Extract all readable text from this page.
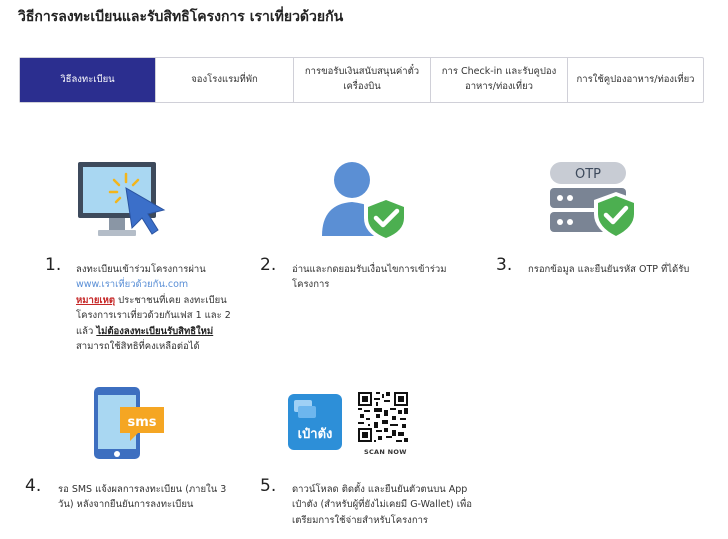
วิธีการลงทะเบียนและรับสิทธิโครงการ เราเที่ยวด้วยกัน
วิธีลงทะเบียน	จองโรงแรมที่พัก
การขอรับเงินสนับสนุนค่าตั๋วเครื่องบิน
การ Check-in และรับคูปองอาหาร/ท่องเที่ยว
การใช้คูปองอาหาร/ท่องเที่ยว
1. ลงทะเบียนเข้าร่วมโครงการผ่าน
www.เราเที่ยวด้วยกัน.com
หมายเหตุ ประชาชนที่เคย ลงทะเบียนโครงการเราเที่ยวด้วยกันเฟส 1 และ 2 แล้ว ไม่ต้องลงทะเบียนรับสิทธิใหม่ สามารถใช้สิทธิที่คงเหลือต่อได้
2. อ่านและกดยอมรับเงื่อนไขการเข้าร่วมโครงการ
OTP
3. กรอกข้อมูล และยืนยันรหัส OTP ที่ได้รับ
sms
4. รอ SMS แจ้งผลการลงทะเบียน (ภายใน 3 วัน) หลังจากยืนยันการลงทะเบียน
เป๋าตัง
SCAN NOW
5. ดาวน์โหลด ติดตั้ง และยืนยันตัวตนบน App เป๋าตัง (สำหรับผู้ที่ยังไม่เคยมี G-Wallet) เพื่อเตรียมการใช้จ่ายสำหรับโครงการ
